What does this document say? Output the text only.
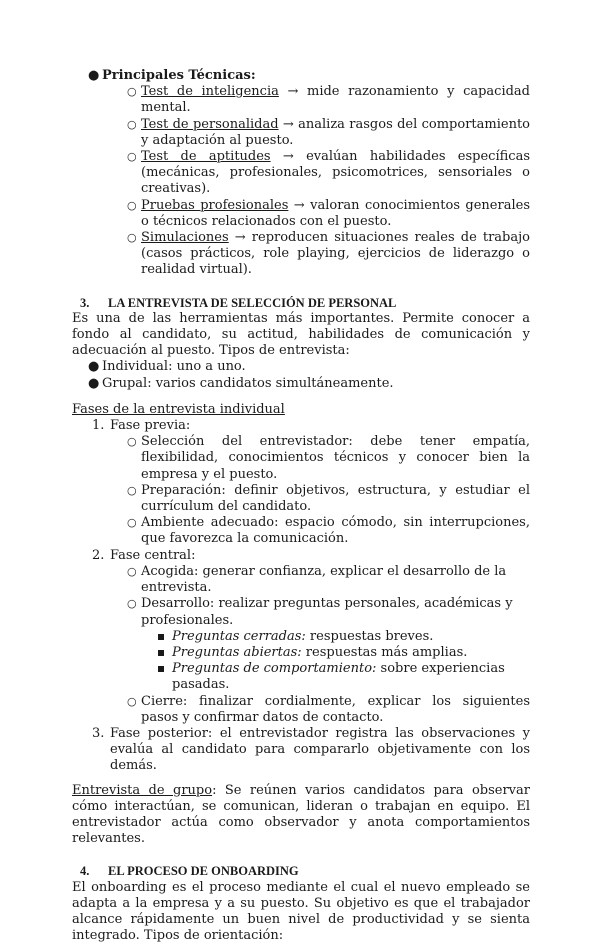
● Principales Técnicas:
○ Test de inteligencia → mide razonamiento y capacidad mental.
○ Test de personalidad → analiza rasgos del comportamiento y adaptación al puesto.
○ Test de aptitudes → evalúan habilidades específicas (mecánicas, profesionales, psicomotrices, sensoriales o creativas).
○ Pruebas profesionales → valoran conocimientos generales o técnicos relacionados con el puesto.
○ Simulaciones → reproducen situaciones reales de trabajo (casos prácticos, role playing, ejercicios de liderazgo o realidad virtual).
3. LA ENTREVISTA DE SELECCIÓN DE PERSONAL
Es una de las herramientas más importantes. Permite conocer a fondo al candidato, su actitud, habilidades de comunicación y adecuación al puesto. Tipos de entrevista:
● Individual: uno a uno.
● Grupal: varios candidatos simultáneamente.
Fases de la entrevista individual
1. Fase previa:
○ Selección del entrevistador: debe tener empatía, flexibilidad, conocimientos técnicos y conocer bien la empresa y el puesto.
○ Preparación: definir objetivos, estructura, y estudiar el currículum del candidato.
○ Ambiente adecuado: espacio cómodo, sin interrupciones, que favorezca la comunicación.
2. Fase central:
○ Acogida: generar confianza, explicar el desarrollo de la entrevista.
○ Desarrollo: realizar preguntas personales, académicas y profesionales.
Preguntas cerradas: respuestas breves.
Preguntas abiertas: respuestas más amplias.
Preguntas de comportamiento: sobre experiencias pasadas.
○ Cierre: finalizar cordialmente, explicar los siguientes pasos y confirmar datos de contacto.
3. Fase posterior: el entrevistador registra las observaciones y evalúa al candidato para compararlo objetivamente con los demás.
Entrevista de grupo: Se reúnen varios candidatos para observar cómo interactúan, se comunican, lideran o trabajan en equipo. El entrevistador actúa como observador y anota comportamientos relevantes.
4. EL PROCESO DE ONBOARDING
El onboarding es el proceso mediante el cual el nuevo empleado se adapta a la empresa y a su puesto. Su objetivo es que el trabajador alcance rápidamente un buen nivel de productividad y se sienta integrado. Tipos de orientación:
